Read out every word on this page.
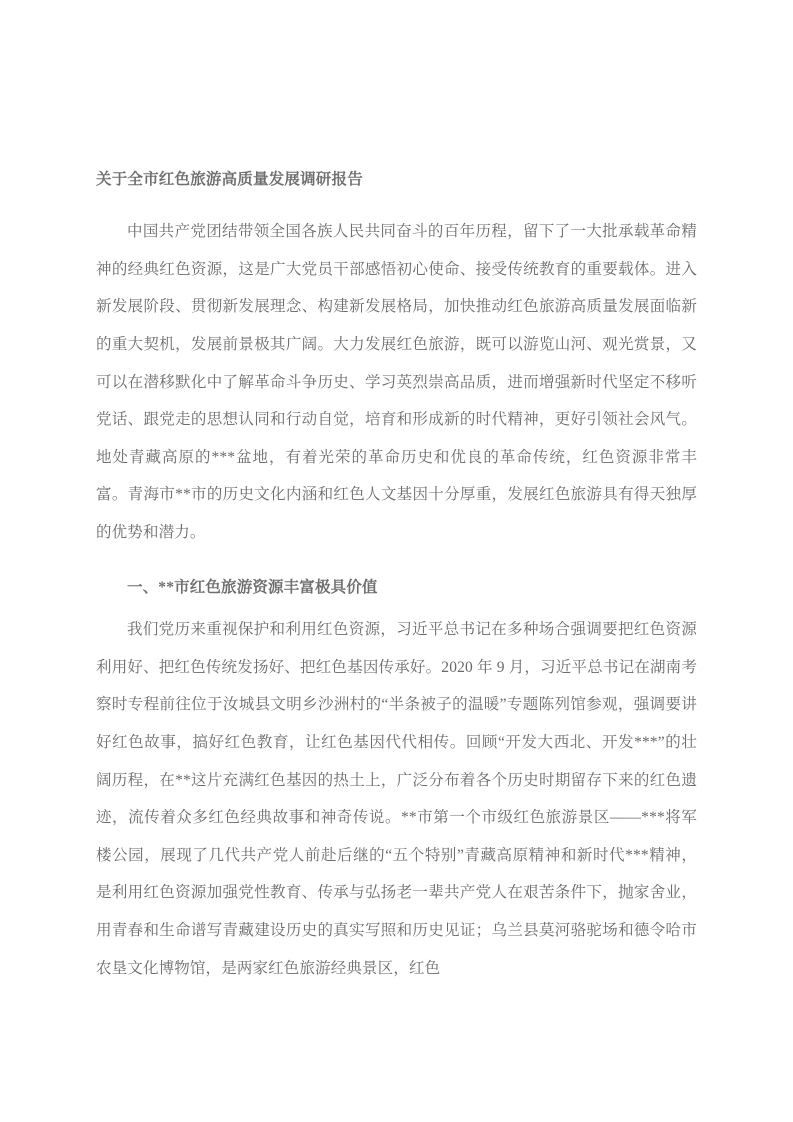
关于全市红色旅游高质量发展调研报告

中国共产党团结带领全国各族人民共同奋斗的百年历程，留下了一大批承载革命精神的经典红色资源，这是广大党员干部感悟初心使命、接受传统教育的重要载体。进入新发展阶段、贯彻新发展理念、构建新发展格局，加快推动红色旅游高质量发展面临新的重大契机，发展前景极其广阔。大力发展红色旅游，既可以游览山河、观光赏景，又可以在潜移默化中了解革命斗争历史、学习英烈崇高品质，进而增强新时代坚定不移听党话、跟党走的思想认同和行动自觉，培育和形成新的时代精神，更好引领社会风气。地处青藏高原的***盆地，有着光荣的革命历史和优良的革命传统，红色资源非常丰富。青海市**市的历史文化内涵和红色人文基因十分厚重，发展红色旅游具有得天独厚的优势和潜力。

一、**市红色旅游资源丰富极具价值

我们党历来重视保护和利用红色资源，习近平总书记在多种场合强调要把红色资源利用好、把红色传统发扬好、把红色基因传承好。2020 年 9 月，习近平总书记在湖南考察时专程前往位于汝城县文明乡沙洲村的“半条被子的温暖”专题陈列馆参观，强调要讲好红色故事，搞好红色教育，让红色基因代代相传。回顾“开发大西北、开发***”的壮阔历程，在**这片充满红色基因的热土上，广泛分布着各个历史时期留存下来的红色遗迹，流传着众多红色经典故事和神奇传说。**市第一个市级红色旅游景区——***将军楼公园，展现了几代共产党人前赴后继的“五个特别”青藏高原精神和新时代***精神，是利用红色资源加强党性教育、传承与弘扬老一辈共产党人在艰苦条件下，抛家舍业，用青春和生命谱写青藏建设历史的真实写照和历史见证；乌兰县莫河骆驼场和德令哈市农垦文化博物馆，是两家红色旅游经典景区，红色
